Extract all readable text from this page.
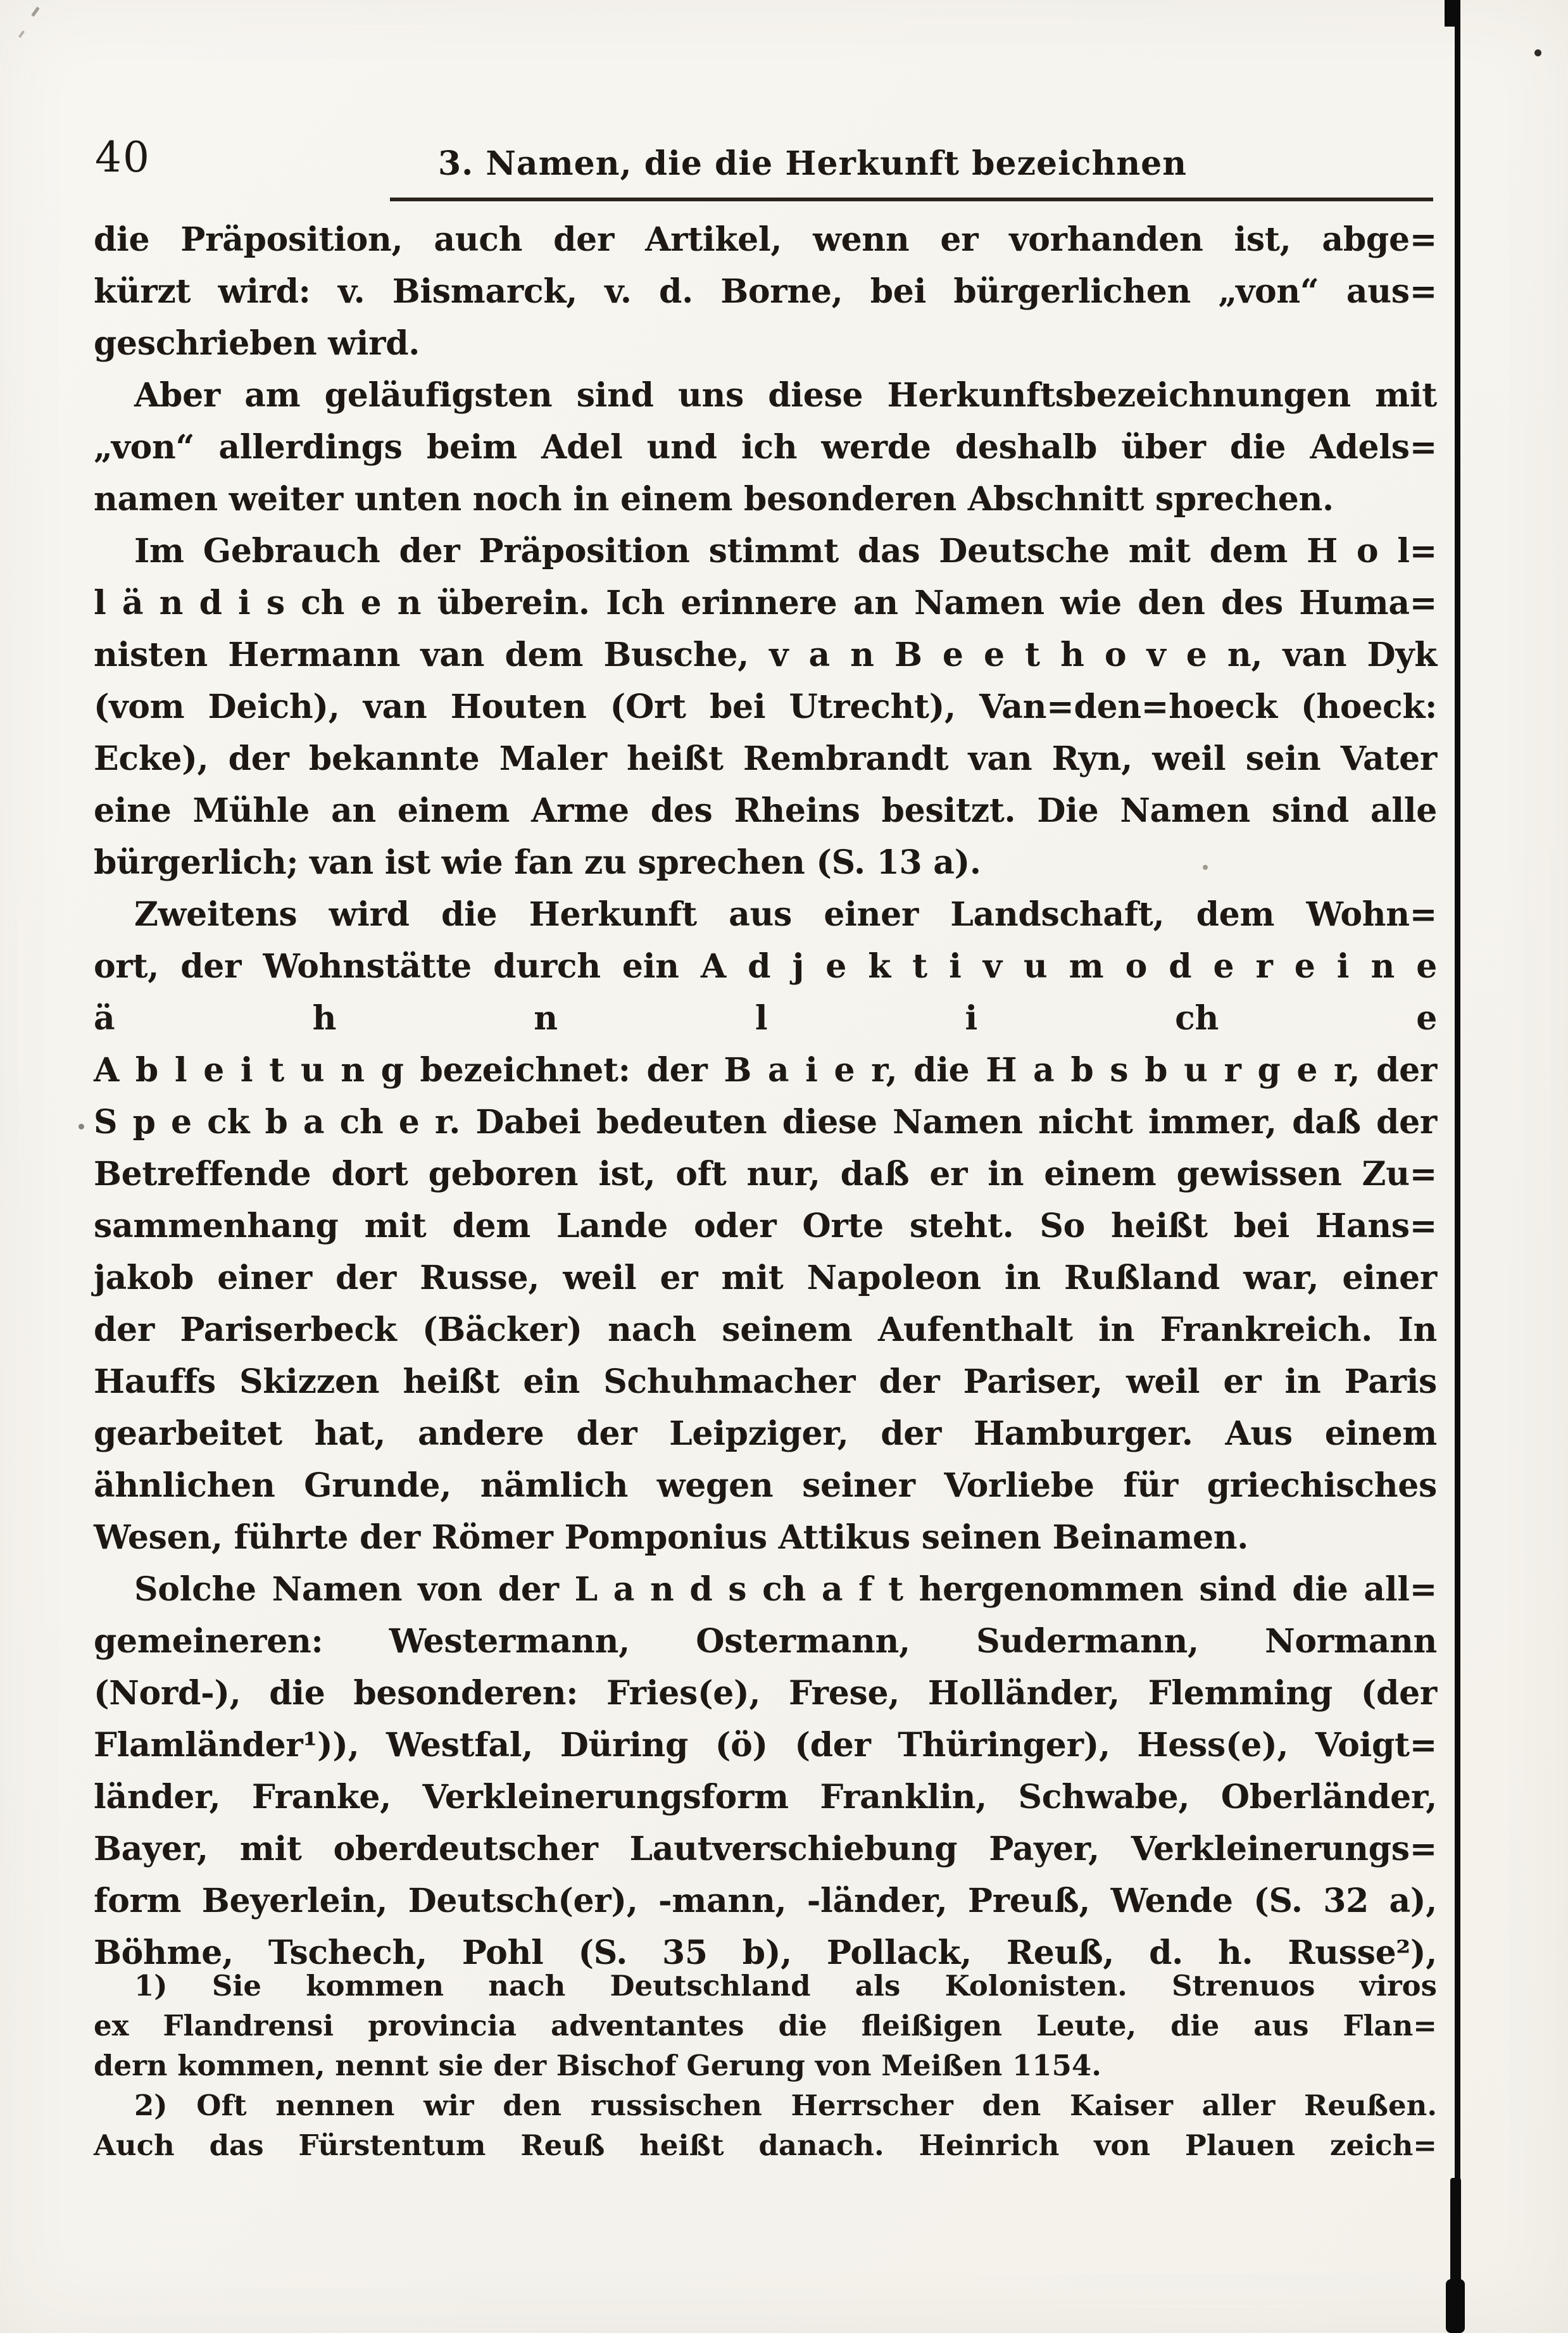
40	3. Namen, die die Herkunft bezeichnen
die Präposition, auch der Artikel, wenn er vorhanden ist, abge=
kürzt wird: v. Bismarck, v. d. Borne, bei bürgerlichen „von“ aus=
geschrieben wird.
Aber am geläufigsten sind uns diese Herkunftsbezeichnungen mit
„von“ allerdings beim Adel und ich werde deshalb über die Adels=
namen weiter unten noch in einem besonderen Abschnitt sprechen.
Im Gebrauch der Präposition stimmt das Deutsche mit dem H o l=
l ä n d i s ch e n überein. Ich erinnere an Namen wie den des Huma=
nisten Hermann van dem Busche, v a n B e e t h o v e n, van Dyk
(vom Deich), van Houten (Ort bei Utrecht), Van=den=hoeck (hoeck:
Ecke), der bekannte Maler heißt Rembrandt van Ryn, weil sein Vater
eine Mühle an einem Arme des Rheins besitzt. Die Namen sind alle
bürgerlich; van ist wie fan zu sprechen (S. 13 a).
Zweitens wird die Herkunft aus einer Landschaft, dem Wohn=
ort, der Wohnstätte durch ein A d j e k t i v u m o d e r e i n e ä h n l i ch e
A b l e i t u n g bezeichnet: der B a i e r, die H a b s b u r g e r, der
S p e ck b a ch e r. Dabei bedeuten diese Namen nicht immer, daß der
Betreffende dort geboren ist, oft nur, daß er in einem gewissen Zu=
sammenhang mit dem Lande oder Orte steht. So heißt bei Hans=
jakob einer der Russe, weil er mit Napoleon in Rußland war, einer
der Pariserbeck (Bäcker) nach seinem Aufenthalt in Frankreich. In
Hauffs Skizzen heißt ein Schuhmacher der Pariser, weil er in Paris
gearbeitet hat, andere der Leipziger, der Hamburger. Aus einem
ähnlichen Grunde, nämlich wegen seiner Vorliebe für griechisches
Wesen, führte der Römer Pomponius Attikus seinen Beinamen.
Solche Namen von der L a n d s ch a f t hergenommen sind die all=
gemeineren: Westermann, Ostermann, Sudermann, Normann
(Nord-), die besonderen: Fries(e), Frese, Holländer, Flemming (der
Flamländer¹)), Westfal, Düring (ö) (der Thüringer), Hess(e), Voigt=
länder, Franke, Verkleinerungsform Franklin, Schwabe, Oberländer,
Bayer, mit oberdeutscher Lautverschiebung Payer, Verkleinerungs=
form Beyerlein, Deutsch(er), -mann, -länder, Preuß, Wende (S. 32 a),
Böhme, Tschech, Pohl (S. 35 b), Pollack, Reuß, d. h. Russe²),
1) Sie kommen nach Deutschland als Kolonisten. Strenuos viros
ex Flandrensi provincia adventantes die fleißigen Leute, die aus Flan=
dern kommen, nennt sie der Bischof Gerung von Meißen 1154.
2) Oft nennen wir den russischen Herrscher den Kaiser aller Reußen.
Auch das Fürstentum Reuß heißt danach. Heinrich von Plauen zeich=
